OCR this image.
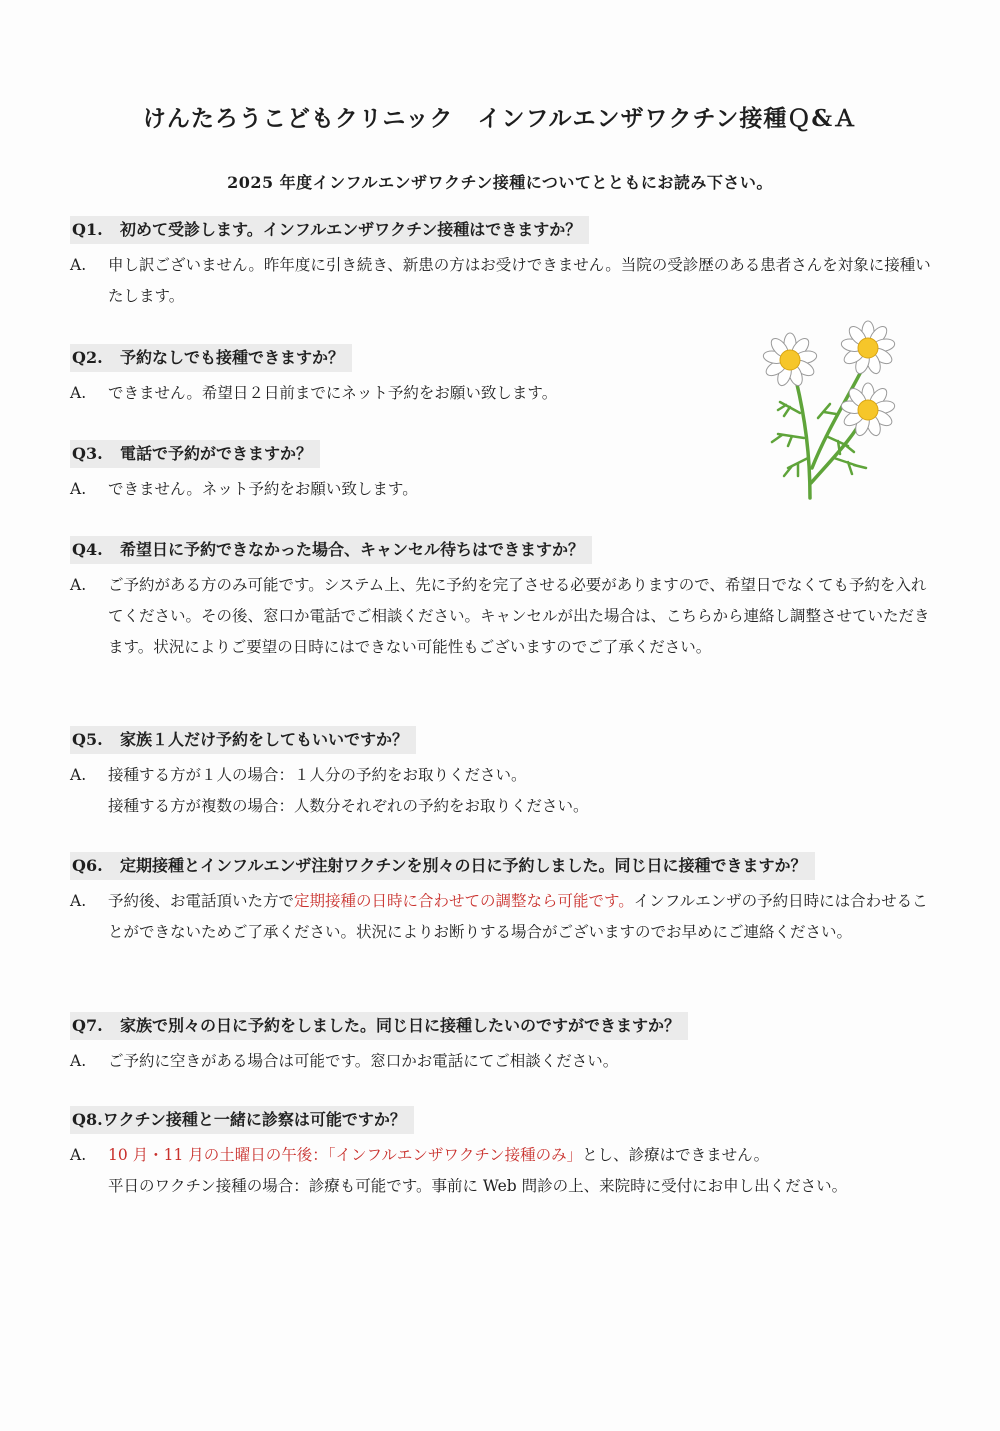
けんたろうこどもクリニック　インフルエンザワクチン接種Ｑ&Ａ
2025 年度インフルエンザワクチン接種についてとともにお読み下さい。
Q1. 初めて受診します。インフルエンザワクチン接種はできますか？
A.	申し訳ございません。昨年度に引き続き、新患の方はお受けできません。当院の受診歴のある患者さんを対象に接種いたします。
Q2. 予約なしでも接種できますか？
A.	できません。希望日２日前までにネット予約をお願い致します。
Q3. 電話で予約ができますか？
A.	できません。ネット予約をお願い致します。
Q4. 希望日に予約できなかった場合、キャンセル待ちはできますか？
A.	ご予約がある方のみ可能です。システム上、先に予約を完了させる必要がありますので、希望日でなくても予約を入れてください。その後、窓口か電話でご相談ください。キャンセルが出た場合は、こちらから連絡し調整させていただきます。状況によりご要望の日時にはできない可能性もございますのでご了承ください。
Q5. 家族１人だけ予約をしてもいいですか？
A.	接種する方が１人の場合：１人分の予約をお取りください。
接種する方が複数の場合：人数分それぞれの予約をお取りください。
Q6. 定期接種とインフルエンザ注射ワクチンを別々の日に予約しました。同じ日に接種できますか？
A.	予約後、お電話頂いた方で定期接種の日時に合わせての調整なら可能です。インフルエンザの予約日時には合わせることができないためご了承ください。状況によりお断りする場合がございますのでお早めにご連絡ください。
Q7. 家族で別々の日に予約をしました。同じ日に接種したいのですができますか？
A.	ご予約に空きがある場合は可能です。窓口かお電話にてご相談ください。
Q8.ワクチン接種と一緒に診察は可能ですか？
A.	10 月・11 月の土曜日の午後：「インフルエンザワクチン接種のみ」とし、診療はできません。
平日のワクチン接種の場合：診療も可能です。事前に Web 問診の上、来院時に受付にお申し出ください。
